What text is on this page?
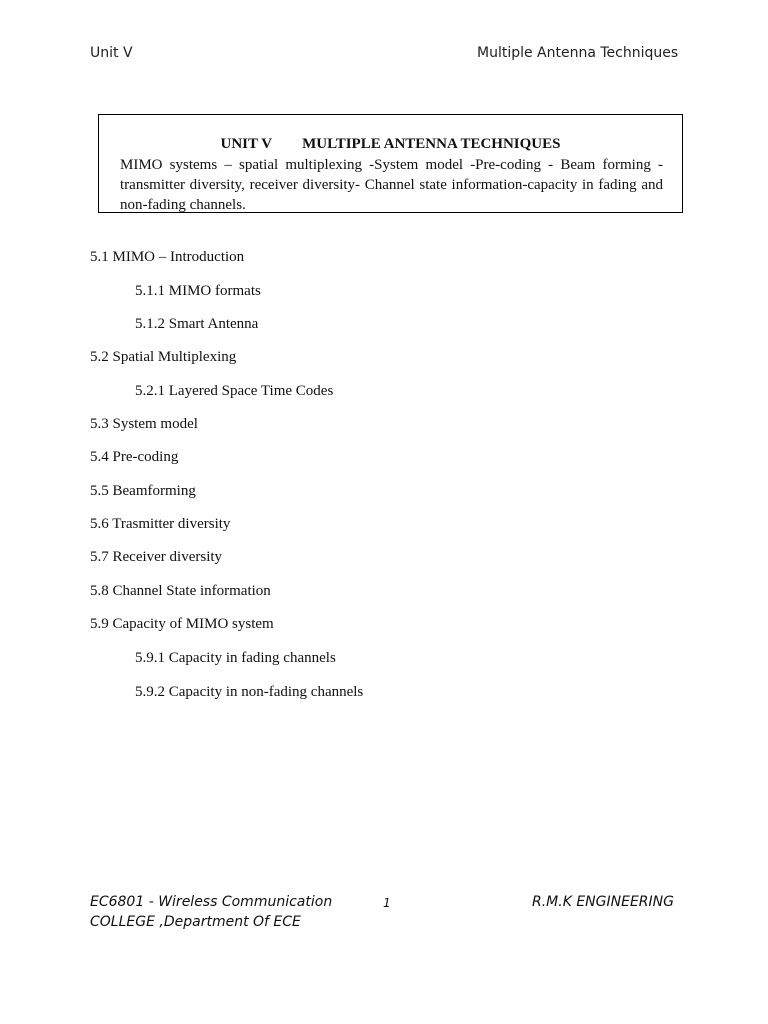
Unit V	Multiple Antenna Techniques
UNIT V MULTIPLE ANTENNA TECHNIQUES
MIMO systems – spatial multiplexing -System model -Pre-coding - Beam forming - transmitter diversity, receiver diversity- Channel state information-capacity in fading and non-fading channels.
5.1 MIMO – Introduction
5.1.1 MIMO formats
5.1.2 Smart Antenna
5.2 Spatial Multiplexing
5.2.1 Layered Space Time Codes
5.3 System model
5.4 Pre-coding
5.5 Beamforming
5.6 Trasmitter diversity
5.7 Receiver diversity
5.8 Channel State information
5.9 Capacity of MIMO system
5.9.1 Capacity in fading channels
5.9.2 Capacity in non-fading channels
EC6801 - Wireless Communication	1	R.M.K ENGINEERING
COLLEGE ,Department Of ECE
